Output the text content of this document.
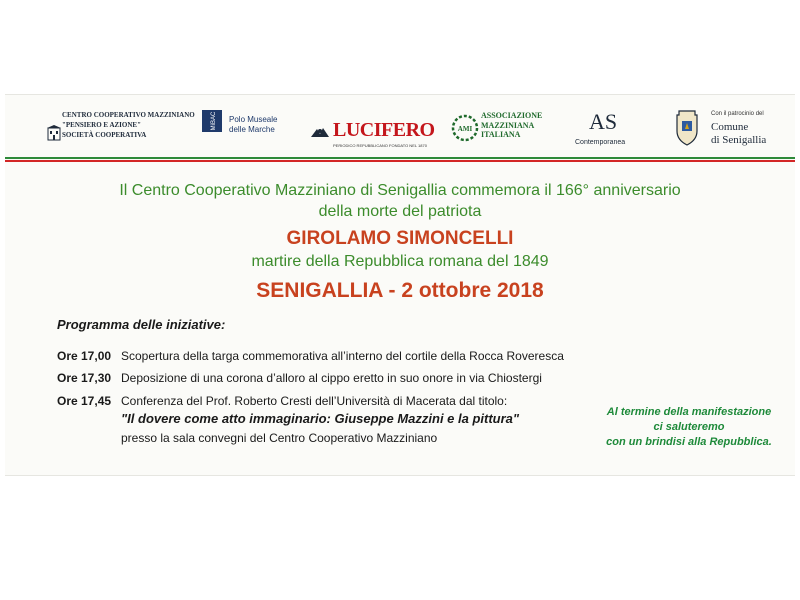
CENTRO COOPERATIVO MAZZINIANO
"PENSIERO E AZIONE"
SOCIETÀ COOPERATIVA
MiBAC Polo Museale
delle Marche	LUCIFERO
PERIODICO REPUBBLICANO FONDATO NEL 1870
AMI
ASSOCIAZIONE
MAZZINIANA
ITALIANA
AS
Contemporanea
Con il patrocinio del
Comune
di Senigallia
Il Centro Cooperativo Mazziniano di Senigallia commemora il 166° anniversario
della morte del patriota
GIROLAMO SIMONCELLI
martire della Repubblica romana del 1849
SENIGALLIA - 2 ottobre 2018
Programma delle iniziative:
Ore 17,00 Scopertura della targa commemorativa all’interno del cortile della Rocca Roveresca
Ore 17,30 Deposizione di una corona d’alloro al cippo eretto in suo onore in via Chiostergi
Ore 17,45 Conferenza del Prof. Roberto Cresti dell’Università di Macerata dal titolo:
"Il dovere come atto immaginario: Giuseppe Mazzini e la pittura"
presso la sala convegni del Centro Cooperativo Mazziniano
Al termine della manifestazione
ci saluteremo
con un brindisi alla Repubblica.
